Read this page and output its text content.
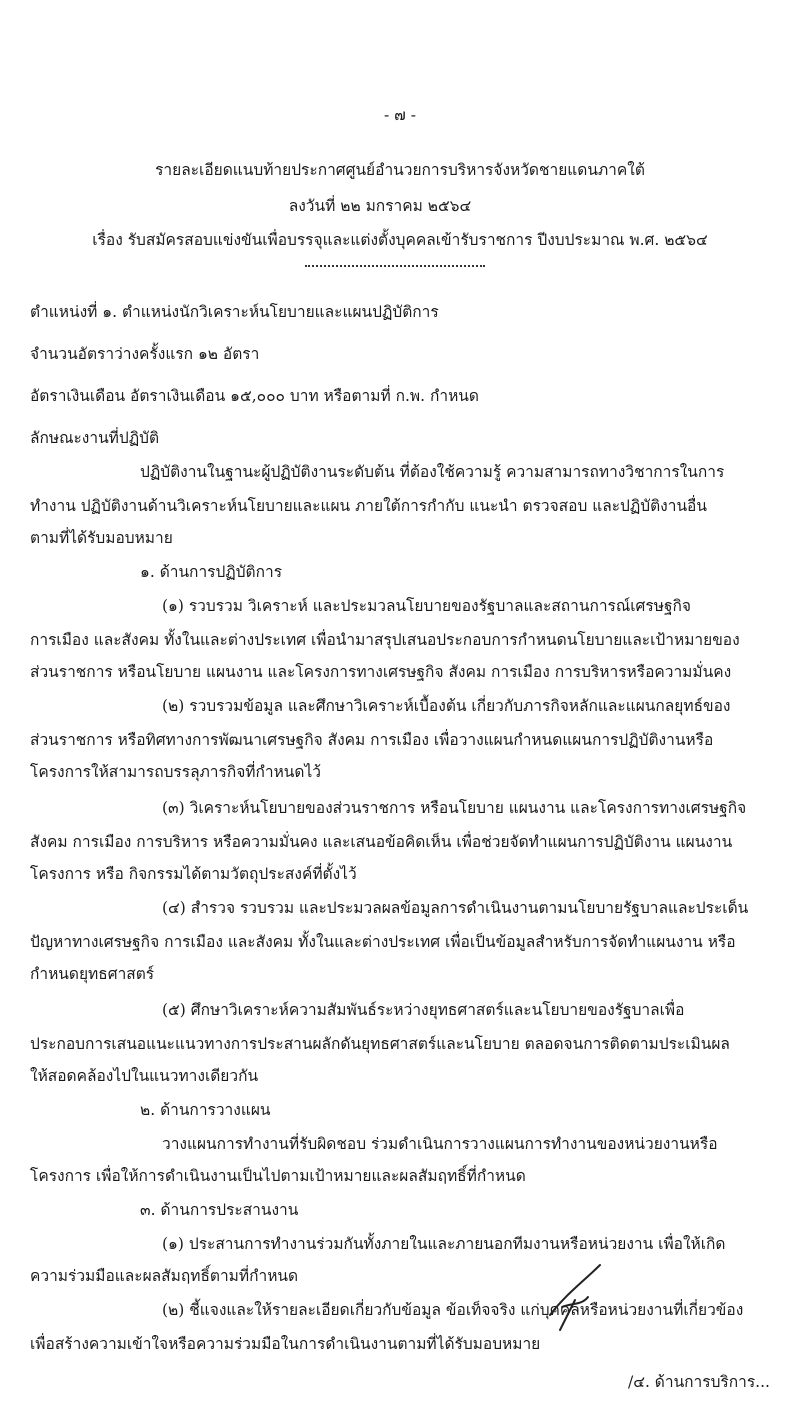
- ๗ -
รายละเอียดแนบท้ายประกาศศูนย์อำนวยการบริหารจังหวัดชายแดนภาคใต้
ลงวันที่ ๒๒ มกราคม ๒๕๖๔
เรื่อง รับสมัครสอบแข่งขันเพื่อบรรจุและแต่งตั้งบุคคลเข้ารับราชการ ปีงบประมาณ พ.ศ. ๒๕๖๔
ตำแหน่งที่ ๑. ตำแหน่งนักวิเคราะห์นโยบายและแผนปฏิบัติการ
จำนวนอัตราว่างครั้งแรก ๑๒ อัตรา
อัตราเงินเดือน อัตราเงินเดือน ๑๕,๐๐๐ บาท หรือตามที่ ก.พ. กำหนด
ลักษณะงานที่ปฏิบัติ
ปฏิบัติงานในฐานะผู้ปฏิบัติงานระดับต้น ที่ต้องใช้ความรู้ ความสามารถทางวิชาการในการ
ทำงาน ปฏิบัติงานด้านวิเคราะห์นโยบายและแผน ภายใต้การกำกับ แนะนำ ตรวจสอบ และปฏิบัติงานอื่น
ตามที่ได้รับมอบหมาย
๑. ด้านการปฏิบัติการ
(๑) รวบรวม วิเคราะห์ และประมวลนโยบายของรัฐบาลและสถานการณ์เศรษฐกิจ
การเมือง และสังคม ทั้งในและต่างประเทศ เพื่อนำมาสรุปเสนอประกอบการกำหนดนโยบายและเป้าหมายของ
ส่วนราชการ หรือนโยบาย แผนงาน และโครงการทางเศรษฐกิจ สังคม การเมือง การบริหารหรือความมั่นคง
(๒) รวบรวมข้อมูล และศึกษาวิเคราะห์เบื้องต้น เกี่ยวกับภารกิจหลักและแผนกลยุทธ์ของ
ส่วนราชการ หรือทิศทางการพัฒนาเศรษฐกิจ สังคม การเมือง เพื่อวางแผนกำหนดแผนการปฏิบัติงานหรือ
โครงการให้สามารถบรรลุภารกิจที่กำหนดไว้
(๓) วิเคราะห์นโยบายของส่วนราชการ หรือนโยบาย แผนงาน และโครงการทางเศรษฐกิจ
สังคม การเมือง การบริหาร หรือความมั่นคง และเสนอข้อคิดเห็น เพื่อช่วยจัดทำแผนการปฏิบัติงาน แผนงาน
โครงการ หรือ กิจกรรมได้ตามวัตถุประสงค์ที่ตั้งไว้
(๔) สำรวจ รวบรวม และประมวลผลข้อมูลการดำเนินงานตามนโยบายรัฐบาลและประเด็น
ปัญหาทางเศรษฐกิจ การเมือง และสังคม ทั้งในและต่างประเทศ เพื่อเป็นข้อมูลสำหรับการจัดทำแผนงาน หรือ
กำหนดยุทธศาสตร์
(๕) ศึกษาวิเคราะห์ความสัมพันธ์ระหว่างยุทธศาสตร์และนโยบายของรัฐบาลเพื่อ
ประกอบการเสนอแนะแนวทางการประสานผลักดันยุทธศาสตร์และนโยบาย ตลอดจนการติดตามประเมินผล
ให้สอดคล้องไปในแนวทางเดียวกัน
๒. ด้านการวางแผน
วางแผนการทำงานที่รับผิดชอบ ร่วมดำเนินการวางแผนการทำงานของหน่วยงานหรือ
โครงการ เพื่อให้การดำเนินงานเป็นไปตามเป้าหมายและผลสัมฤทธิ์ที่กำหนด
๓. ด้านการประสานงาน
(๑) ประสานการทำงานร่วมกันทั้งภายในและภายนอกทีมงานหรือหน่วยงาน เพื่อให้เกิด
ความร่วมมือและผลสัมฤทธิ์ตามที่กำหนด
(๒) ชี้แจงและให้รายละเอียดเกี่ยวกับข้อมูล ข้อเท็จจริง แก่บุคคลหรือหน่วยงานที่เกี่ยวข้อง
เพื่อสร้างความเข้าใจหรือความร่วมมือในการดำเนินงานตามที่ได้รับมอบหมาย
/๔. ด้านการบริการ...
